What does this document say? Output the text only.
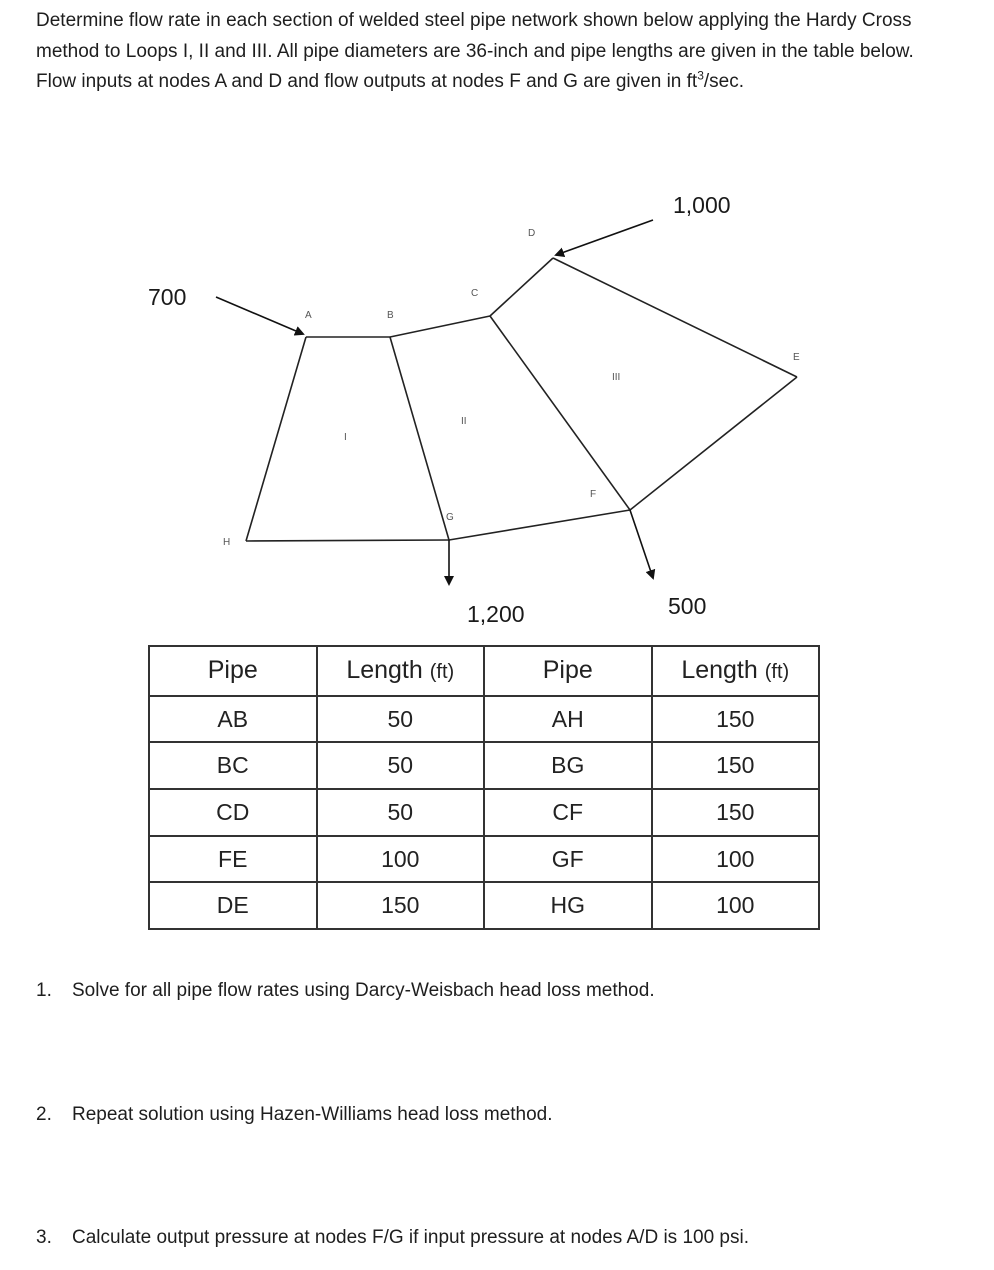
Determine flow rate in each section of welded steel pipe network shown below applying the Hardy Cross method to Loops I, II and III. All pipe diameters are 36-inch and pipe lengths are given in the table below. Flow inputs at nodes A and D and flow outputs at nodes F and G are given in $ft^3/\sec$.
A	B
C
D
E
F
G
H
I
II
III
700
1,000
1,200	500
Pipe	Length (ft)	Pipe	Length (ft)
AB	50	AH	150
BC	50	BG	150
CD	50	CF	150
FE	100	GF	100
DE	150	HG	100
1. Solve for all pipe flow rates using Darcy-Weisbach head loss method.
2. Repeat solution using Hazen-Williams head loss method.
3. Calculate output pressure at nodes F/G if input pressure at nodes A/D is 100 psi.
